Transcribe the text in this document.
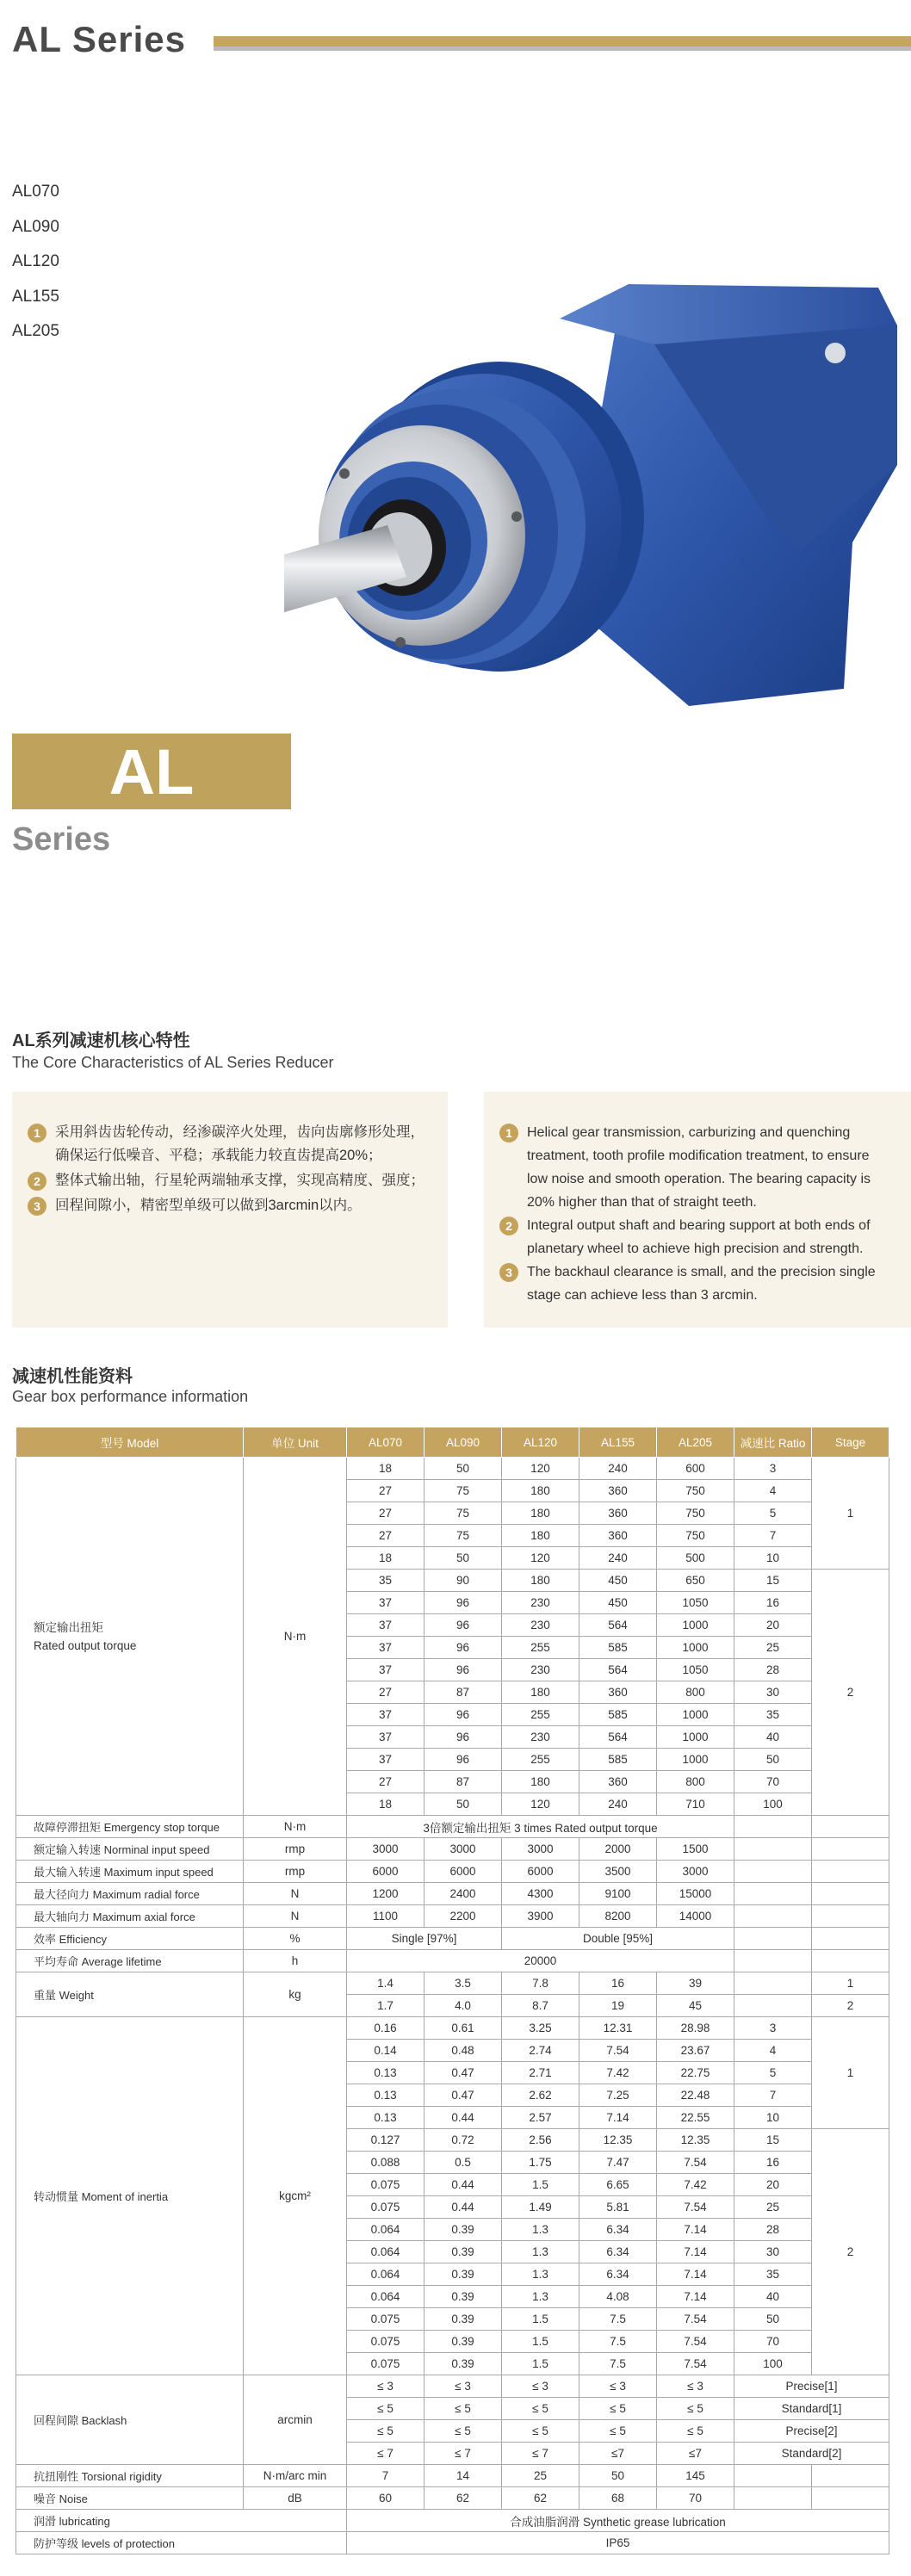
AL Series
AL070
AL090
AL120
AL155
AL205
AL
Series
AL系列减速机核心特性
The Core Characteristics of AL Series Reducer
1	采用斜齿齿轮传动，经渗碳淬火处理，齿向齿廓修形处理，确保运行低噪音、平稳；承载能力较直齿提高20%；
2	整体式输出轴，行星轮两端轴承支撑，实现高精度、强度；
3	回程间隙小，精密型单级可以做到3arcmin以内。
1	Helical gear transmission, carburizing and quenching treatment, tooth profile modification treatment, to ensure low noise and smooth operation. The bearing capacity is 20% higher than that of straight teeth.
2	Integral output shaft and bearing support at both ends of planetary wheel to achieve high precision and strength.
3	The backhaul clearance is small, and the precision single stage can achieve less than 3 arcmin.
减速机性能资料
Gear box performance information
型号 Model	单位 Unit	AL070	AL090	AL120	AL155	AL205	减速比 Ratio	Stage

额定输出扭矩
Rated output torque	N·m	18	50	120	240	600	3	1
		27	75	180	360	750	4	
		27	75	180	360	750	5	
		27	75	180	360	750	7	
		18	50	120	240	500	10	
		35	90	180	450	650	15	2
		37	96	230	450	1050	16	
		37	96	230	564	1000	20	
		37	96	255	585	1000	25	
		37	96	230	564	1050	28	
		27	87	180	360	800	30	
		37	96	255	585	1000	35	
		37	96	230	564	1000	40	
		37	96	255	585	1000	50	
		27	87	180	360	800	70	
		18	50	120	240	710	100	
故障停滞扭矩 Emergency stop torque	N·m	3倍额定输出扭矩 3 times Rated output torque						
额定输入转速 Norminal input speed	rmp	3000	3000	3000	2000	1500		
最大输入转速 Maximum input speed	rmp	6000	6000	6000	3500	3000		
最大径向力 Maximum radial force	N	1200	2400	4300	9100	15000		
最大轴向力 Maximum axial force	N	1100	2200	3900	8200	14000		
效率 Efficiency	%	Single [97%]		Double [95%]				
平均寿命 Average lifetime	h	20000						
重量 Weight	kg	1.4	3.5	7.8	16	39		1
		1.7	4.0	8.7	19	45		2
转动惯量 Moment of inertia	kgcm²	0.16	0.61	3.25	12.31	28.98	3	1
		0.14	0.48	2.74	7.54	23.67	4	
		0.13	0.47	2.71	7.42	22.75	5	
		0.13	0.47	2.62	7.25	22.48	7	
		0.13	0.44	2.57	7.14	22.55	10	
		0.127	0.72	2.56	12.35	12.35	15	2
		0.088	0.5	1.75	7.47	7.54	16	
		0.075	0.44	1.5	6.65	7.42	20	
		0.075	0.44	1.49	5.81	7.54	25	
		0.064	0.39	1.3	6.34	7.14	28	
		0.064	0.39	1.3	6.34	7.14	30	
		0.064	0.39	1.3	6.34	7.14	35	
		0.064	0.39	1.3	4.08	7.14	40	
		0.075	0.39	1.5	7.5	7.54	50	
		0.075	0.39	1.5	7.5	7.54	70	
		0.075	0.39	1.5	7.5	7.54	100	
回程间隙 Backlash	arcmin	≤ 3	≤ 3	≤ 3	≤ 3	≤ 3	Precise[1]	
		≤ 5	≤ 5	≤ 5	≤ 5	≤ 5	Standard[1]	
		≤ 5	≤ 5	≤ 5	≤ 5	≤ 5	Precise[2]	
		≤ 7	≤ 7	≤ 7	≤7	≤7	Standard[2]	
抗扭刚性 Torsional rigidity	N·m/arc min	7	14	25	50	145		
噪音 Noise	dB	60	62	62	68	70		
润滑 lubricating		合成油脂润滑 Synthetic grease lubrication						
防护等级 levels of protection		IP65						
